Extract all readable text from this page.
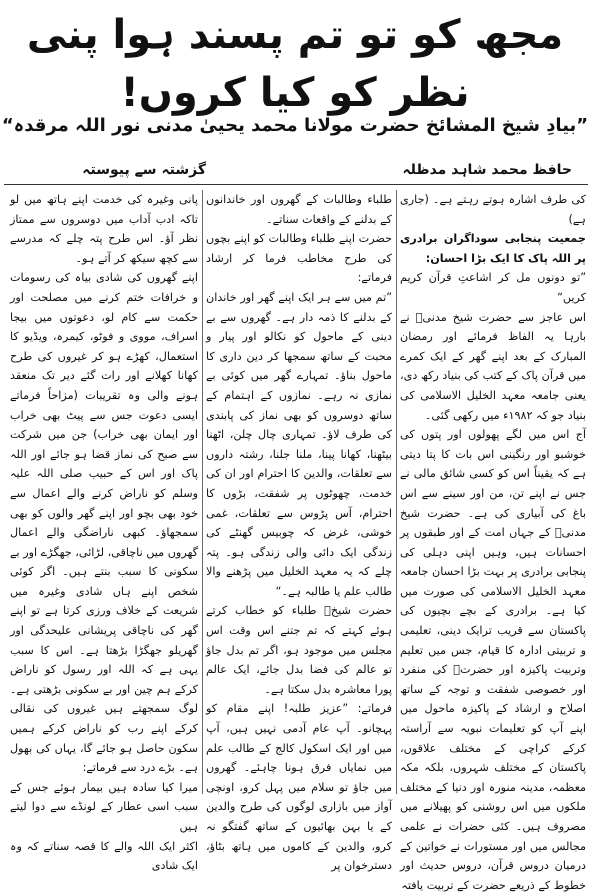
مجھ کو تو تم پسند ہوا پنی نظر کو کیا کروں!
”بیادِ شیخ المشائخ حضرت مولانا محمد یحییٰ مدنی نور اللہ مرقدہ“
حافظ محمد شاہد مدظلہ
گزشتہ سے پیوستہ

کی طرف اشارہ ہوتے رہتے ہے۔ (جاری ہے)

جمعیت پنجابی سوداگران برادری پر اللہ پاک کا ایک بڑا احسان:

”تو دونوں مل کر اشاعتِ قرآن کریم کریں“

اس عاجز سے حضرت شیخ مدنیؒ نے بارہا یہ الفاظ فرمائے اور رمضان المبارک کے بعد اپنے گھر کے ایک کمرے میں قرآن پاک کے کتب کی بنیاد رکھ دی، یعنی جامعہ معہد الخلیل الاسلامی کی بنیاد جو کہ ۱۹۸۲ء میں رکھی گئی۔

آج اس میں لگے پھولوں اور پتوں کی خوشبو اور رنگینی اس بات کا پتا دیتی ہے کہ یقیناً اس کو کسی شائق مالی نے جس نے اپنے تن، من اور سینے سے اس باغ کی آبیاری کی ہے۔ حضرت شیخ مدنیؒ کے جہاں امت کے اور طبقوں پر احسانات ہیں، وہیں اپنی دہلی کی پنجابی برادری پر بہت بڑا احسان جامعہ معہد الخلیل الاسلامی کی صورت میں کیا ہے۔ برادری کے بچے بچیوں کی پاکستان سے قریب ترایک دینی، تعلیمی و تربیتی ادارہ کا قیام، جس میں تعلیم وتربیت پاکیزہ اور حضرتؒ کی منفرد اور خصوصی شفقت و توجہ کے ساتھ اصلاح و ارشاد کے پاکیزہ ماحول میں اپنے آپ کو تعلیمات نبویہ سے آراستہ کرکے کراچی کے مختلف علاقوں، پاکستان کے مختلف شہروں، بلکہ مکہ معظمہ، مدینہ منورہ اور دنیا کے مختلف ملکوں میں اس روشنی کو پھیلانے میں مصروف ہیں۔ کئی حضرات نے علمی مجالس میں اور مستورات نے خواتین کے درمیان دروس قرآن، دروس حدیث اور خطوط کے ذریعے حضرت کے تربیت یافتہ

طلباء وطالبات کے گھروں اور خاندانوں کے بدلنے کے واقعات سناتے۔

حضرت اپنے طلباء وطالبات کو اپنے بچوں کی طرح مخاطب فرما کر ارشاد فرماتے:

”تم میں سے ہر ایک اپنے گھر اور خاندان کے بدلنے کا ذمہ دار ہے۔ گھروں سے بے دینی کے ماحول کو نکالو اور پیار و محبت کے ساتھ سمجھا کر دین داری کا ماحول بناؤ۔ تمہارے گھر میں کوئی بے نمازی نہ رہے۔ نمازوں کے اہتمام کے ساتھ دوسروں کو بھی نماز کی پابندی کی طرف لاؤ۔ تمہاری چال چلن، اٹھنا بیٹھنا، کھانا پینا، ملنا جلنا، رشتہ داروں سے تعلقات، والدین کا احترام اور ان کی خدمت، چھوٹوں پر شفقت، بڑوں کا احترام، آس پڑوس سے تعلقات، غمی خوشی، غرض کہ چوبیس گھنٹے کی زندگی ایک دائی والی زندگی ہو۔ پتہ چلے کہ یہ معہد الخلیل میں پڑھنے والا طالب علم یا طالبہ ہے۔“

حضرت شیخؒ طلباء کو خطاب کرتے ہوئے کہتے کہ تم جتنے اس وقت اس مجلس میں موجود ہو، اگر تم بدل جاؤ تو عالم کی فضا بدل جائے، ایک عالم پورا معاشرہ بدل سکتا ہے۔

فرماتے: ”عزیز طلبہ! اپنے مقام کو پہچانو۔ آپ عام آدمی نہیں ہیں، آپ میں اور ایک اسکول کالج کے طالب علم میں نمایاں فرق ہونا چاہئے۔ گھروں میں جاؤ تو سلام میں پہل کرو، اونچی آواز میں بازاری لوگوں کی طرح والدین کے یا بہن بھائیوں کے ساتھ گفتگو نہ کرو، والدین کے کاموں میں ہاتھ بٹاؤ، دسترخوان پر

پانی وغیرہ کی خدمت اپنے ہاتھ میں لو تاکہ ادب آداب میں دوسروں سے ممتاز نظر آؤ۔ اس طرح پتہ چلے کہ مدرسے سے کچھ سیکھ کر آتے ہو۔

اپنے گھروں کی شادی بیاہ کی رسومات و خرافات ختم کرنے میں مصلحت اور حکمت سے کام لو، دعوتوں میں بیجا اسراف، مووی و فوٹو، کیمرہ، ویڈیو کا استعمال، کھڑے ہو کر غیروں کی طرح کھانا کھلانے اور رات گئے دیر تک منعقد ہونے والی وہ تقریبات (مزاحاً فرماتے ایسی دعوت جس سے پیٹ بھی خراب اور ایمان بھی خراب) جن میں شرکت سے صبح کی نماز قضا ہو جائے اور اللہ پاک اور اس کے حبیب صلی اللہ علیہ وسلم کو ناراض کرنے والے اعمال سے خود بھی بچو اور اپنے گھر والوں کو بھی سمجھاؤ۔ کبھی ناراضگی والے اعمال گھروں میں ناچاقی، لڑائی، جھگڑے اور بے سکونی کا سبب بنتے ہیں۔ اگر کوئی شخص اپنے ہاں شادی وغیرہ میں شریعت کے خلاف ورزی کرتا ہے تو اپنے گھر کی ناچاقی پریشانی علیحدگی اور گھریلو جھگڑا بڑھتا ہے۔ اس کا سبب یہی ہے کہ اللہ اور رسول کو ناراض کرکے ہم چین اور بے سکونی بڑھتی ہے۔ لوگ سمجھتے ہیں غیروں کی نقالی کرکے اپنے رب کو ناراض کرکے ہمیں سکون حاصل ہو جائے گا، یہاں کی بھول ہے۔ بڑے درد سے فرماتے:

میرا کیا سادہ ہیں بیمار ہوئے جس کے سبب اسی عطار کے لونڈے سے دوا لیتے ہیں

اکثر ایک اللہ والے کا قصہ سناتے کہ وہ ایک شادی
